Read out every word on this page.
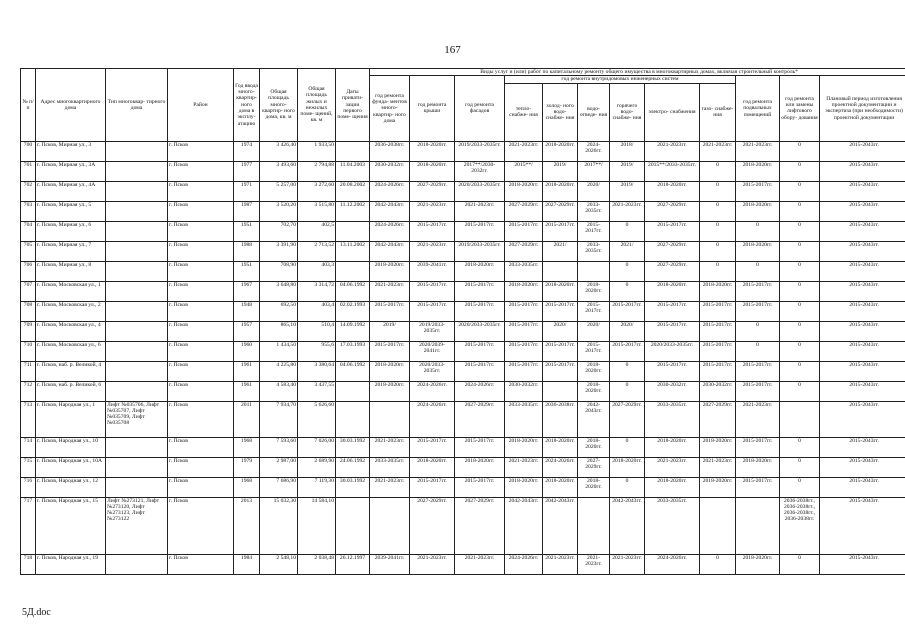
167
№ п/п	Адрес многоквартирного дома	Тип многоквар- тирного дома	Район	Год ввода много- квартир- ного дома в эксплу- атацию	Общая площадь много- квартир- ного дома, кв. м	Общая площадь жилых и нежилых поме- щений, кв. м	Даты привати- зации первого поме- щения	Виды услуг и (или) работ по капитальному ремонту общего имущества в многоквартирных домах, включая строительный контроль*											
								год ремонта фунда- ментов много- квартир- ного дома	год ремонта крыши	год ремонта фасадов	год ремонта внутридомовых инженерных систем						год ремонта подвальных помещений	год ремонта или замены лифтового обору- дования	Плановый период изготовления проектной документации и экспертиза (при необходимости) проектной документации
											тепло- снабже- ния	холод- ного водо- снабже- ния	водо- отведе- ния	горячего водо- снабже- ния	электро- снабжения	газо- снабже- ния			
700	г. Псков, Мирная ул., 3		г. Псков	1974	3 426,40	1 933,50		2036-2038гг.	2018-2020гг.	2019/2033-2035гг.	2021-2023гг.	2018-2020гг.	2024-2026гг.	2018/	2021-2023гг.	2021-2023гг.	2021-2023гг.	0	2015-2043гг.
701	г. Псков, Мирная ул., 3А		г. Псков	1977	3 493,60	2 794,88	11.04.2003	2030-2032гг.	2018-2020гг.	2017**/2030-2032гг.	2015**/	2019/	2017**/	2019/	2015**/2033-2035гг.	0	2018-2020гг.	0	2015-2043гг.
702	г. Псков, Мирная ул., 4А		г. Псков	1971	5 257,00	3 272,60	20.08.2002	2024-2026гг.	2027-2029гг.	2020/2033-2035гг.	2018-2020гг.	2018-2020гг.	2020/	2019/	2018-2020гг.	0	2015-2017гг.	0	2015-2043гг.
703	г. Псков, Мирная ул., 5		г. Псков	1987	3 520,20	3 515,80	11.12.2002	2042-2043гг.	2021-2023гг.	2021-2023гг.	2027-2029гг.	2027-2029гг.	2033-2035гг.	2021-2023гг.	2027-2029гг.	0	2018-2020гг.	0	2015-2043гг.
704	г. Псков, Мирная ул., 6		г. Псков	1951	702,70	402,5		2024-2026гг.	2015-2017гг.	2015-2017гг.	2015-2017гг.	2015-2017гг.	2015-2017гг.	0	2015-2017гг.	0	0	0	2015-2043гг.
705	г. Псков, Мирная ул., 7		г. Псков	1988	3 391,90	2 713,52	13.11.2002	2042-2043гг.	2021-2023гг.	2019/2033-2035гг.	2027-2029гг.	2021/	2033-2035гг.	2021/	2027-2029гг.	0	2018-2020гг.	0	2015-2043гг.
706	г. Псков, Мирная ул., 8		г. Псков	1951	708,90	403,3		2018-2020гг.	2039-2041гг.	2018-2020гг.	2033-2035гг.			0	2027-2029гг.	0	0	0	2015-2043гг.
707	г. Псков, Московская ул., 1		г. Псков	1967	3 648,80	3 314,72	04.06.1992	2021-2023гг.	2015-2017гг.	2015-2017гг.	2018-2020гг.	2018-2020гг.	2018-2020гг.	0	2018-2020гг.	2018-2020гг.	2015-2017гг.	0	2015-2043гг.
708	г. Псков, Московская ул., 2		г. Псков	1948	692,50	403,4	02.02.1993	2015-2017гг.	2015-2017гг.	2015-2017гг.	2015-2017гг.	2015-2017гг.	2015-2017гг.	2015-2017гг.	2015-2017гг.	2015-2017гг.	2015-2017гг.	0	2015-2043гг.
709	г. Псков, Московская ул., 4		г. Псков	1957	865,10	510,4	14.09.1992	2019/	2019/2033-2035гг.	2020/2033-2035гг.	2015-2017гг.	2020/	2020/	2020/	2015-2017гг.	2015-2017гг.	0	0	2015-2043гг.
710	г. Псков, Московская ул., 6		г. Псков	1960	1 434,50	955,6	17.03.1993	2015-2017гг.	2020/2039-2041гг.	2015-2017гг.	2015-2017гг.	2015-2017гг.	2015-2017гг.	2015-2017гг.	2020/2033-2035гг.	2015-2017гг.	0	0	2015-2043гг.
711	г. Псков, наб. р. Великой, 4		г. Псков	1961	4 225,80	3 380,64	04.06.1992	2018-2020гг.	2020/2033-2035гг.	2015-2017гг.	2015-2017гг.	2015-2017гг.	2018-2020гг.	0	2015-2017гг.	2015-2017гг.	2015-2017гг.	0	2015-2043гг.
712	г. Псков, наб. р. Великой, 6		г. Псков	1961	4 583,40	3 437,55		2018-2020гг.	2024-2026гг.	2024-2026гг.	2030-2032гг.		2018-2020гг.	0	2030-2032гг.	2030-2032гг.	2015-2017гг.	0	2015-2043гг.
713	г. Псков, Народная ул., 1	Лифт №035706, Лифт №035707, Лифт №035709, Лифт №035708	г. Псков	2011	7 934,70	5 626,60			2024-2026гг.	2027-2029гг.	2033-2035гг.	2036-2038гг.	2042-2043гг.	2027-2029гг.	2033-2035гг.	2027-2029гг.	2021-2023гг.		2015-2043гг.
714	г. Псков, Народная ул., 10		г. Псков	1968	7 593,60	7 026,00	30.03.1992	2021-2023гг.	2015-2017гг.	2015-2017гг.	2018-2020гг.	2018-2020гг.	2018-2020гг.	0	2018-2020гг.	2018-2020гг.	2015-2017гг.	0	2015-2043гг.
715	г. Псков, Народная ул., 10А		г. Псков	1979	2 987,00	2 689,90	24.06.1992	2033-2035гг.	2018-2020гг.	2018-2020гг.	2021-2023гг.	2024-2026гг.	2027-2029гг.	2018-2020гг.	2021-2023гг.	2021-2023гг.	2018-2020гг.	0	2015-2043гг.
716	г. Псков, Народная ул., 12		г. Псков	1968	7 686,90	7 119,30	30.03.1992	2021-2023гг.	2015-2017гг.	2015-2017гг.	2018-2020гг.	2018-2020гг.	2018-2020гг.	0	2018-2020гг.	2018-2020гг.	2015-2017гг.	0	2015-2043гг.
717	г. Псков, Народная ул., 15	Лифт №273121, Лифт №273120, Лифт №273123, Лифт №273122	г. Псков	2013	15 032,30	14 584,10			2027-2029гг.	2027-2029гг.	2042-2043гг.	2042-2043гг.		2042-2043гг.	2033-2035гг.			2036-2038гг., 2036-2038гг., 2036-2038гг., 2036-2038гг.	2015-2043гг.
718	г. Псков, Народная ул., 19		г. Псков	1984	2 548,10	2 038,48	26.12.1997	2039-2041гг.	2021-2023гг.	2021-2023гг.	2024-2026гг.	2021-2023гг.	2021-2023гг.	2021-2023гг.	2024-2026гг.	0	2018-2020гг.	0	2015-2043гг.
5Д.doc
